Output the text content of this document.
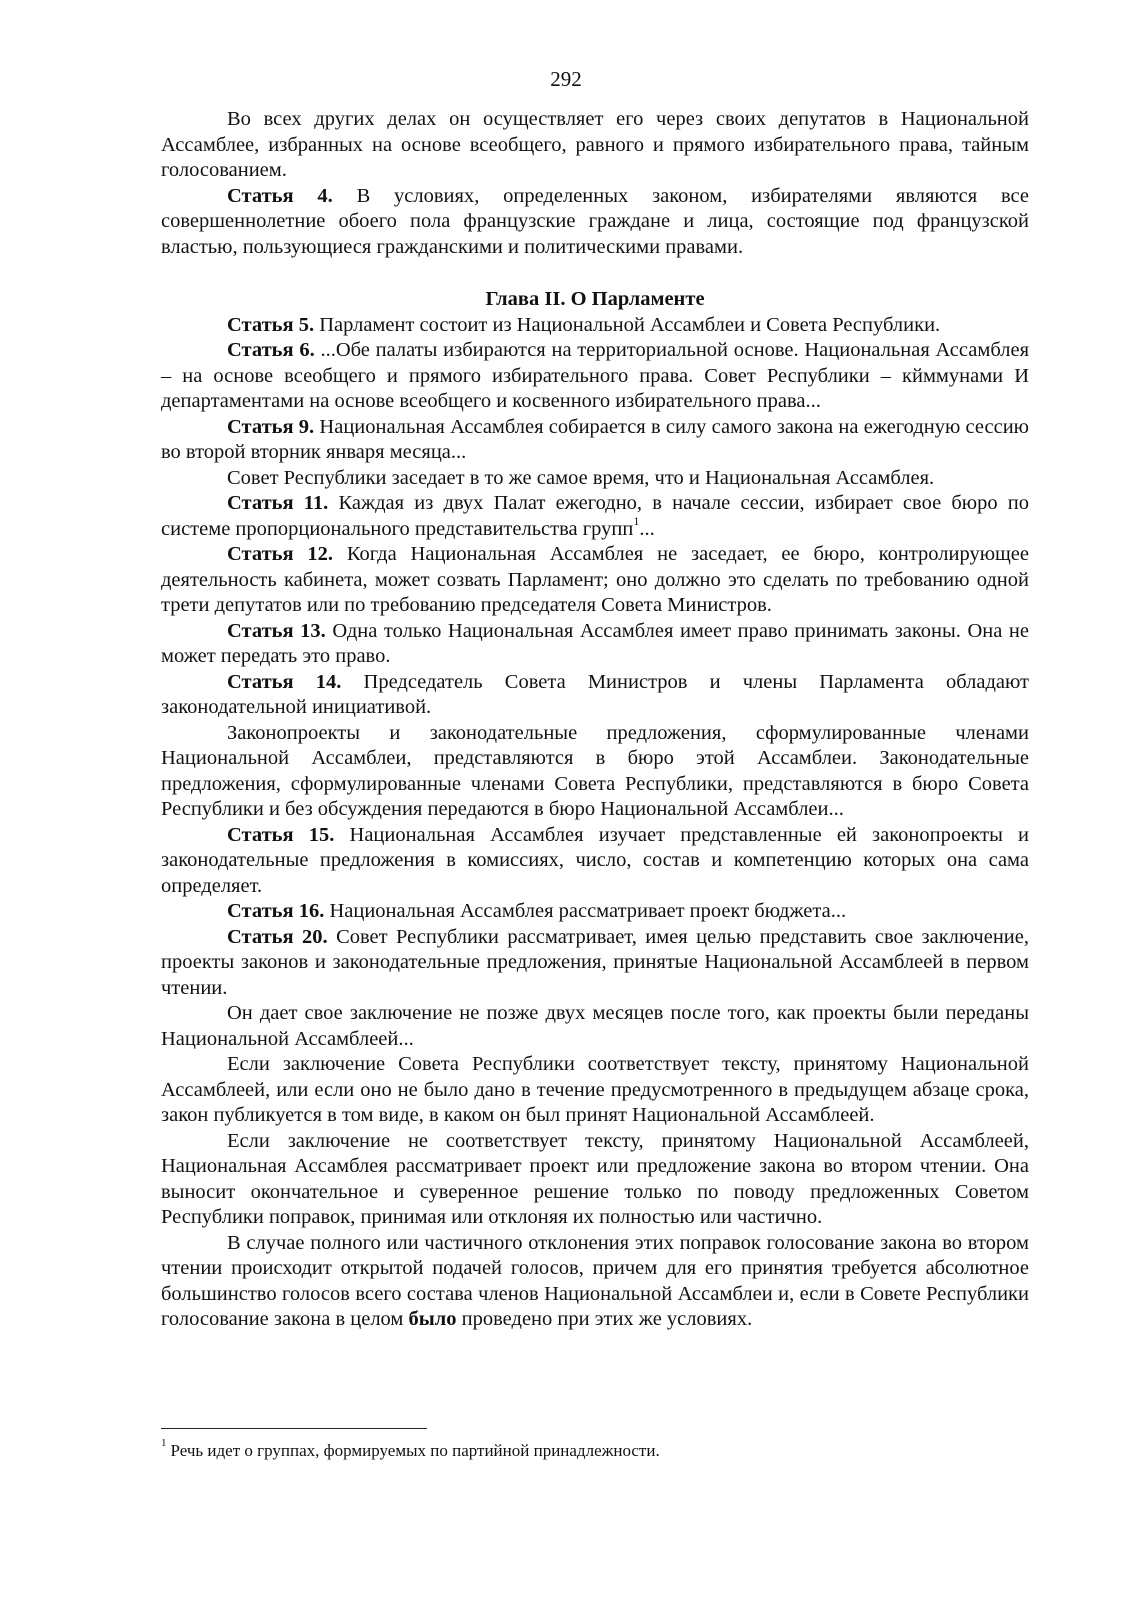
292

Во всех других делах он осуществляет его через своих депутатов в Национальной Ассамблее, избранных на основе всеобщего, равного и прямого избирательного права, тайным голосованием.

Статья 4. В условиях, определенных законом, избирателями являются все совершеннолетние обоего пола французские граждане и лица, состоящие под французской властью, пользующиеся гражданскими и политическими правами.

Глава II. О Парламенте

Статья 5. Парламент состоит из Национальной Ассамблеи и Совета Республики.

Статья 6. ...Обе палаты избираются на территориальной основе. Национальная Ассамблея – на основе всеобщего и прямого избирательного права. Совет Республики – кйммунами И департаментами на основе всеобщего и косвенного избирательного права...

Статья 9. Национальная Ассамблея собирается в силу самого закона на ежегодную сессию во второй вторник января месяца...

Совет Республики заседает в то же самое время, что и Национальная Ассамблея.

Статья 11. Каждая из двух Палат ежегодно, в начале сессии, избирает свое бюро по системе пропорционального представительства групп$^1$...

Статья 12. Когда Национальная Ассамблея не заседает, ее бюро, контролирующее деятельность кабинета, может созвать Парламент; оно должно это сделать по требованию одной трети депутатов или по требованию председателя Совета Министров.

Статья 13. Одна только Национальная Ассамблея имеет право принимать законы. Она не может передать это право.

Статья 14. Председатель Совета Министров и члены Парламента обладают законодательной инициативой.

Законопроекты и законодательные предложения, сформулированные членами Национальной Ассамблеи, представляются в бюро этой Ассамблеи. Законодательные предложения, сформулированные членами Совета Республики, представляются в бюро Совета Республики и без обсуждения передаются в бюро Национальной Ассамблеи...

Статья 15. Национальная Ассамблея изучает представленные ей законопроекты и законодательные предложения в комиссиях, число, состав и компетенцию которых она сама определяет.

Статья 16. Национальная Ассамблея рассматривает проект бюджета...

Статья 20. Совет Республики рассматривает, имея целью представить свое заключение, проекты законов и законодательные предложения, принятые Национальной Ассамблеей в первом чтении.

Он дает свое заключение не позже двух месяцев после того, как проекты были переданы Национальной Ассамблеей...

Если заключение Совета Республики соответствует тексту, принятому Национальной Ассамблеей, или если оно не было дано в течение предусмотренного в предыдущем абзаце срока, закон публикуется в том виде, в каком он был принят Национальной Ассамблеей.

Если заключение не соответствует тексту, принятому Национальной Ассамблеей, Национальная Ассамблея рассматривает проект или предложение закона во втором чтении. Она выносит окончательное и суверенное решение только по поводу предложенных Советом Республики поправок, принимая или отклоняя их полностью или частично.

В случае полного или частичного отклонения этих поправок голосование закона во втором чтении происходит открытой подачей голосов, причем для его принятия требуется абсолютное большинство голосов всего состава членов Национальной Ассамблеи и, если в Совете Республики голосование закона в целом было проведено при этих же условиях.

$^1$ Речь идет о группах, формируемых по партийной принадлежности.
